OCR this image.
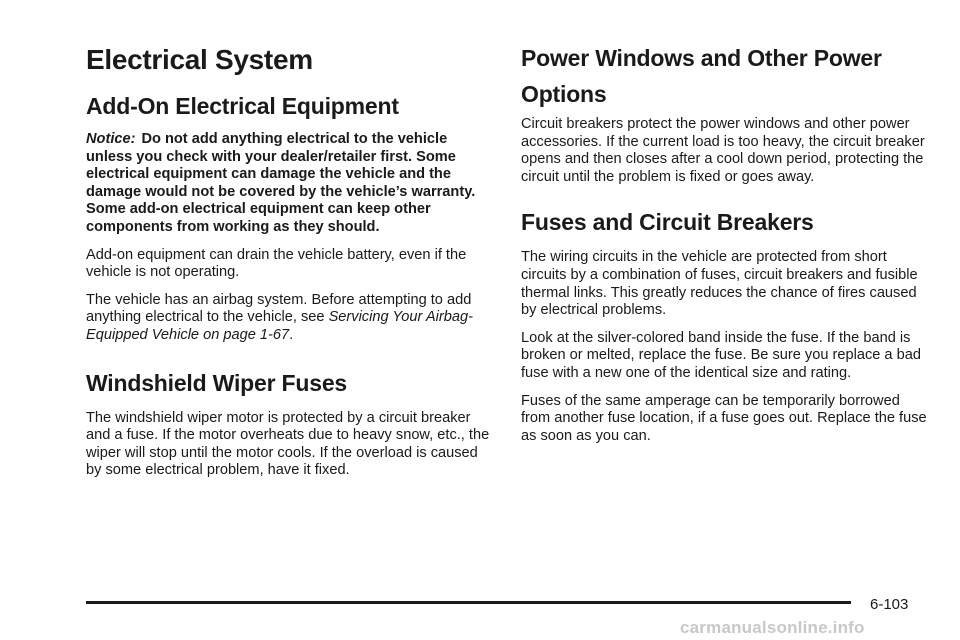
Electrical System
Add-On Electrical Equipment

Notice: Do not add anything electrical to the vehicle unless you check with your dealer/retailer first. Some electrical equipment can damage the vehicle and the damage would not be covered by the vehicle’s warranty. Some add-on electrical equipment can keep other components from working as they should.

Add-on equipment can drain the vehicle battery, even if the vehicle is not operating.

The vehicle has an airbag system. Before attempting to add anything electrical to the vehicle, see Servicing Your Airbag-Equipped Vehicle on page 1-67.

Windshield Wiper Fuses

The windshield wiper motor is protected by a circuit breaker and a fuse. If the motor overheats due to heavy snow, etc., the wiper will stop until the motor cools. If the overload is caused by some electrical problem, have it fixed.

Power Windows and Other Power Options

Circuit breakers protect the power windows and other power accessories. If the current load is too heavy, the circuit breaker opens and then closes after a cool down period, protecting the circuit until the problem is fixed or goes away.

Fuses and Circuit Breakers

The wiring circuits in the vehicle are protected from short circuits by a combination of fuses, circuit breakers and fusible thermal links. This greatly reduces the chance of fires caused by electrical problems.

Look at the silver-colored band inside the fuse. If the band is broken or melted, replace the fuse. Be sure you replace a bad fuse with a new one of the identical size and rating.

Fuses of the same amperage can be temporarily borrowed from another fuse location, if a fuse goes out. Replace the fuse as soon as you can.

6-103
carmanualsonline.info
